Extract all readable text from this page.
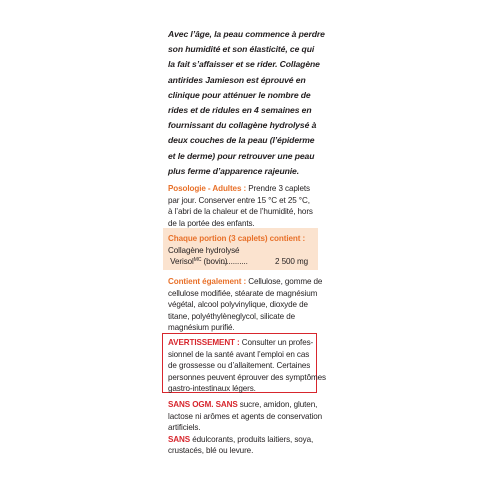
Avec l’âge, la peau commence à perdre
son humidité et son élasticité, ce qui
la fait s’affaisser et se rider. Collagène
antirides Jamieson est éprouvé en
clinique pour atténuer le nombre de
rides et de ridules en 4 semaines en
fournissant du collagène hydrolysé à
deux couches de la peau (l’épiderme
et le derme) pour retrouver une peau
plus ferme d’apparence rajeunie.
Posologie - Adultes : Prendre 3 caplets
par jour. Conserver entre 15 °C et 25 °C,
à l’abri de la chaleur et de l’humidité, hors
de la portée des enfants.
Chaque portion (3 caplets) contient :
Collagène hydrolysé
Verisol$^{MC}$ (bovin)
............	2 500 mg
Contient également : Cellulose, gomme de
cellulose modifiée, stéarate de magnésium
végétal, alcool polyvinylique, dioxyde de
titane, polyéthylèneglycol, silicate de
magnésium purifié.
AVERTISSEMENT : Consulter un profes-
sionnel de la santé avant l’emploi en cas
de grossesse ou d’allaitement. Certaines
personnes peuvent éprouver des symptômes
gastro-intestinaux légers.
SANS OGM. SANS sucre, amidon, gluten,
lactose ni arômes et agents de conservation
artificiels.
SANS édulcorants, produits laitiers, soya,
crustacés, blé ou levure.
